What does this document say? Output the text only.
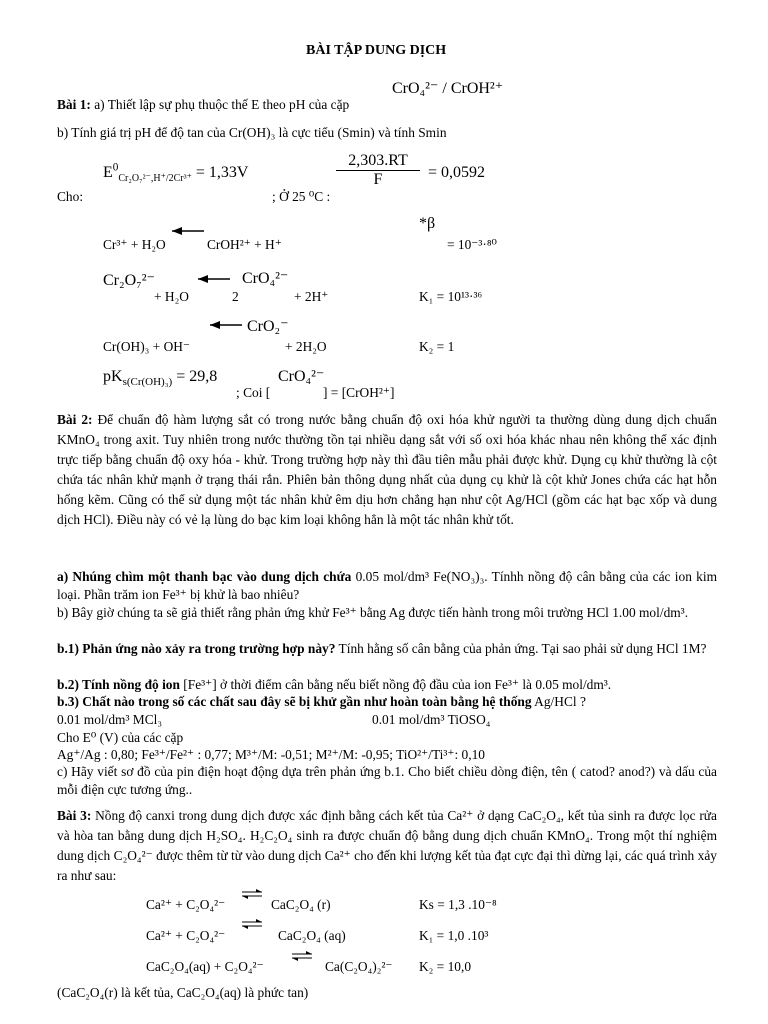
BÀI TẬP DUNG DỊCH
Bài 1: a) Thiết lập sự phụ thuộc thế E theo pH của cặp
CrO₄²⁻ / CrOH²⁺
b) Tính giá trị pH để độ tan của Cr(OH)₃ là cực tiểu (Smin) và tính Smin
Cho:
$E^0_{Cr_2O_7^{2-},H^+/2Cr^{3+}} = 1,33V$
; Ở 25 ⁰C :
$\frac{2,303.RT}{F} = 0,0592$
Cr³⁺ + H₂O	CrOH²⁺ + H⁺
*β
= 10⁻³·⁸⁰
Cr₂O₇²⁻
+ H₂O	2
CrO₄²⁻
+ 2H⁺	K₁ = 10¹³·³⁶
Cr(OH)₃ + OH⁻
CrO₂⁻
+ 2H₂O	K₂ = 1
$pK_{s(Cr(OH)_3)} = 29,8$
; Coi [
CrO₄²⁻
] = [CrOH²⁺]
Bài 2: Để chuẩn độ hàm lượng sắt có trong nước bằng chuẩn độ oxi hóa khử người ta thường dùng dung dịch chuẩn KMnO₄ trong axit. Tuy nhiên trong nước thường tồn tại nhiều dạng sắt với số oxi hóa khác nhau nên không thể xác định trực tiếp bằng chuẩn độ oxy hóa - khử. Trong trường hợp này thì đầu tiên mẫu phải được khử. Dụng cụ khử thường là cột chứa tác nhân khử mạnh ở trạng thái rắn. Phiên bản thông dụng nhất của dụng cụ khử là cột khử Jones chứa các hạt hỗn hống kẽm. Cũng có thể sử dụng một tác nhân khử êm dịu hơn chẳng hạn như cột Ag/HCl (gồm các hạt bạc xốp và dung dịch HCl). Điều này có vẻ lạ lùng do bạc kim loại không hẳn là một tác nhân khử tốt.
a) Nhúng chìm một thanh bạc vào dung dịch chứa 0.05 mol/dm³ Fe(NO₃)₃. Tínhh nồng độ cân bằng của các ion kim loại. Phần trăm ion Fe³⁺ bị khử là bao nhiêu?
b) Bây giờ chúng ta sẽ giả thiết rằng phản ứng khử Fe³⁺ bằng Ag được tiến hành trong môi trường HCl 1.00 mol/dm³.
b.1) Phản ứng nào xảy ra trong trường hợp này? Tính hằng số cân bằng của phản ứng. Tại sao phải sử dụng HCl 1M?
b.2) Tính nồng độ ion [Fe³⁺] ở thời điểm cân bằng nếu biết nồng độ đầu của ion Fe³⁺ là 0.05 mol/dm³.
b.3) Chất nào trong số các chất sau đây sẽ bị khử gần như hoàn toàn bằng hệ thống Ag/HCl ?
0.01 mol/dm³ MCl₃	0.01 mol/dm³ TiOSO₄
Cho E⁰ (V) của các cặp
Ag⁺/Ag : 0,80; Fe³⁺/Fe²⁺ : 0,77; M³⁺/M: -0,51; M²⁺/M: -0,95; TiO²⁺/Ti³⁺: 0,10
c) Hãy viết sơ đồ của pin điện hoạt động dựa trên phản ứng b.1. Cho biết chiều dòng điện, tên ( catod? anod?) và dấu của mỗi điện cực tương ứng..
Bài 3: Nồng độ canxi trong dung dịch được xác định bằng cách kết tủa Ca²⁺ ở dạng CaC₂O₄, kết tủa sinh ra được lọc rửa và hòa tan bằng dung dịch H₂SO₄. H₂C₂O₄ sinh ra được chuẩn độ bằng dung dịch chuẩn KMnO₄. Trong một thí nghiệm dung dịch C₂O₄²⁻ được thêm từ từ vào dung dịch Ca²⁺ cho đến khi lượng kết tủa đạt cực đại thì dừng lại, các quá trình xảy ra như sau:
Ca²⁺ + C₂O₄²⁻	CaC₂O₄ (r)	Ks = 1,3 .10⁻⁸
Ca²⁺ + C₂O₄²⁻	CaC₂O₄ (aq)	K₁ = 1,0 .10³
CaC₂O₄(aq) + C₂O₄²⁻	Ca(C₂O₄)₂²⁻ K₂ = 10,0
(CaC₂O₄(r) là kết tủa, CaC₂O₄(aq) là phức tan)
